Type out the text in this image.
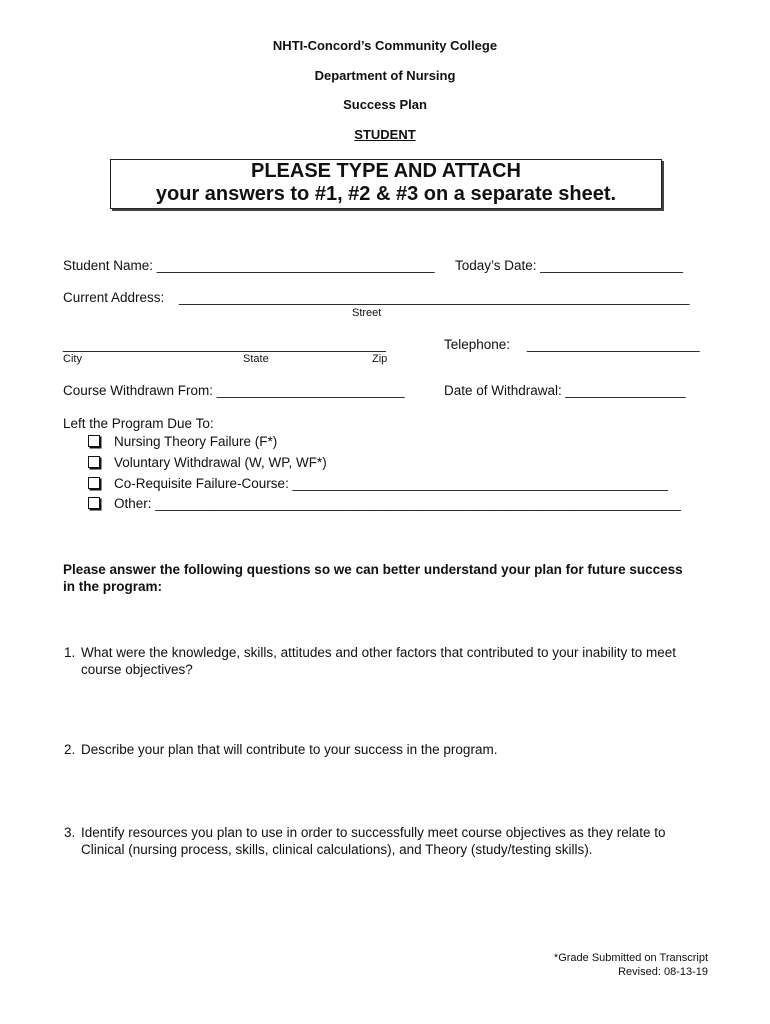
NHTI-Concord’s Community College
Department of Nursing
Success Plan
STUDENT
PLEASE TYPE AND ATTACH
your answers to #1, #2 & #3 on a separate sheet.
Student Name: _____________________________________ Today’s Date: ___________________
Current Address: ____________________________________________________________________
Street
___________________________________________	Telephone: _______________________
City	State	Zip
Course Withdrawn From: _________________________	Date of Withdrawal: ________________
Left the Program Due To:
Nursing Theory Failure (F*)
Voluntary Withdrawal (W, WP, WF*)
Co-Requisite Failure-Course: __________________________________________________
Other: ______________________________________________________________________
Please answer the following questions so we can better understand your plan for future success
in the program:
1. What were the knowledge, skills, attitudes and other factors that contributed to your inability to meet
course objectives?
2. Describe your plan that will contribute to your success in the program.
3. Identify resources you plan to use in order to successfully meet course objectives as they relate to
Clinical (nursing process, skills, clinical calculations), and Theory (study/testing skills).
*Grade Submitted on Transcript
Revised: 08-13-19
